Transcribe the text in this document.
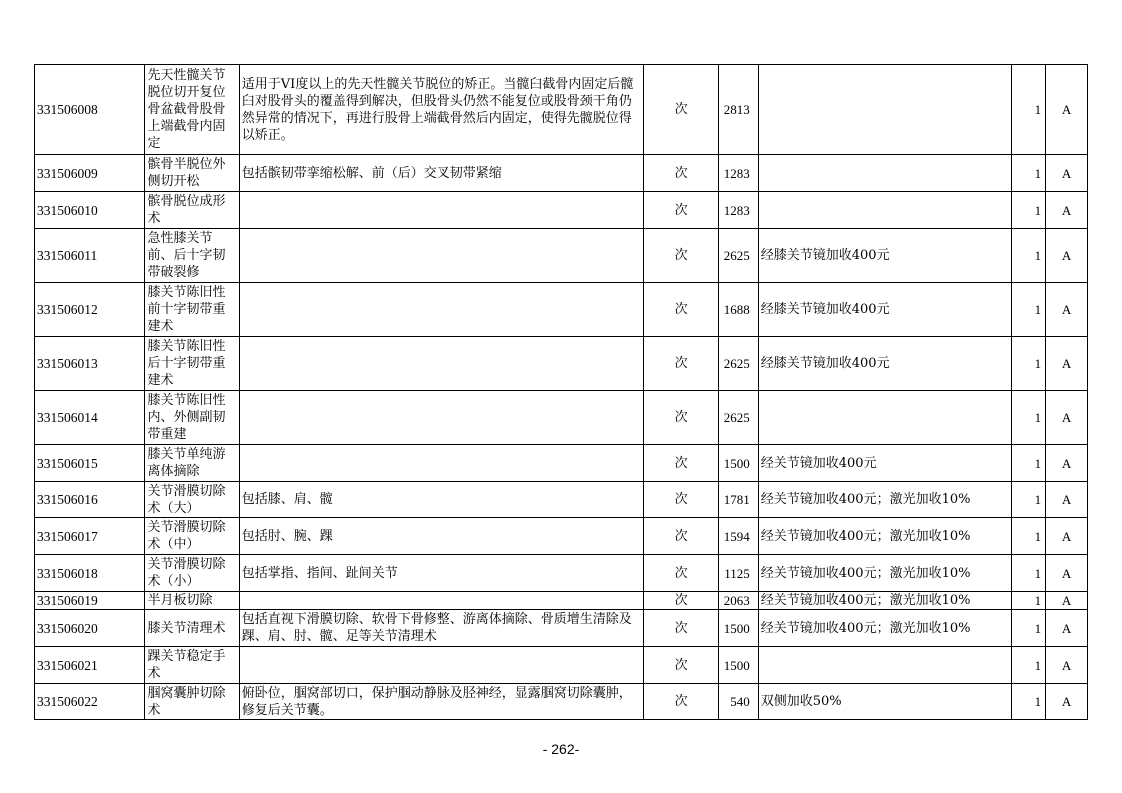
331506008	先天性髋关节脱位切开复位骨盆截骨股骨上端截骨内固定	适用于VI度以上的先天性髋关节脱位的矫正。当髋臼截骨内固定后髋臼对股骨头的覆盖得到解决，但股骨头仍然不能复位或股骨颈干角仍然异常的情况下，再进行股骨上端截骨然后内固定，使得先髋脱位得以矫正。	次	2813		1	A
331506009	髌骨半脱位外侧切开松	包括髌韧带挛缩松解、前（后）交叉韧带紧缩	次	1283		1	A
331506010	髌骨脱位成形术		次	1283		1	A
331506011	急性膝关节前、后十字韧带破裂修		次	2625	经膝关节镜加收400元	1	A
331506012	膝关节陈旧性前十字韧带重建术		次	1688	经膝关节镜加收400元	1	A
331506013	膝关节陈旧性后十字韧带重建术		次	2625	经膝关节镜加收400元	1	A
331506014	膝关节陈旧性内、外侧副韧带重建		次	2625		1	A
331506015	膝关节单纯游离体摘除		次	1500	经关节镜加收400元	1	A
331506016	关节滑膜切除术（大）	包括膝、肩、髋	次	1781	经关节镜加收400元；激光加收10%	1	A
331506017	关节滑膜切除术（中）	包括肘、腕、踝	次	1594	经关节镜加收400元；激光加收10%	1	A
331506018	关节滑膜切除术（小）	包括掌指、指间、趾间关节	次	1125	经关节镜加收400元；激光加收10%	1	A
331506019	半月板切除		次	2063	经关节镜加收400元；激光加收10%	1	A
331506020	膝关节清理术	包括直视下滑膜切除、软骨下骨修整、游离体摘除、骨质增生清除及踝、肩、肘、髋、足等关节清理术	次	1500	经关节镜加收400元；激光加收10%	1	A
331506021	踝关节稳定手术		次	1500		1	A
331506022	腘窝囊肿切除术	俯卧位，腘窝部切口，保护腘动静脉及胫神经，显露腘窝切除囊肿，修复后关节囊。	次	540	双侧加收50%	1	A
- 262-
